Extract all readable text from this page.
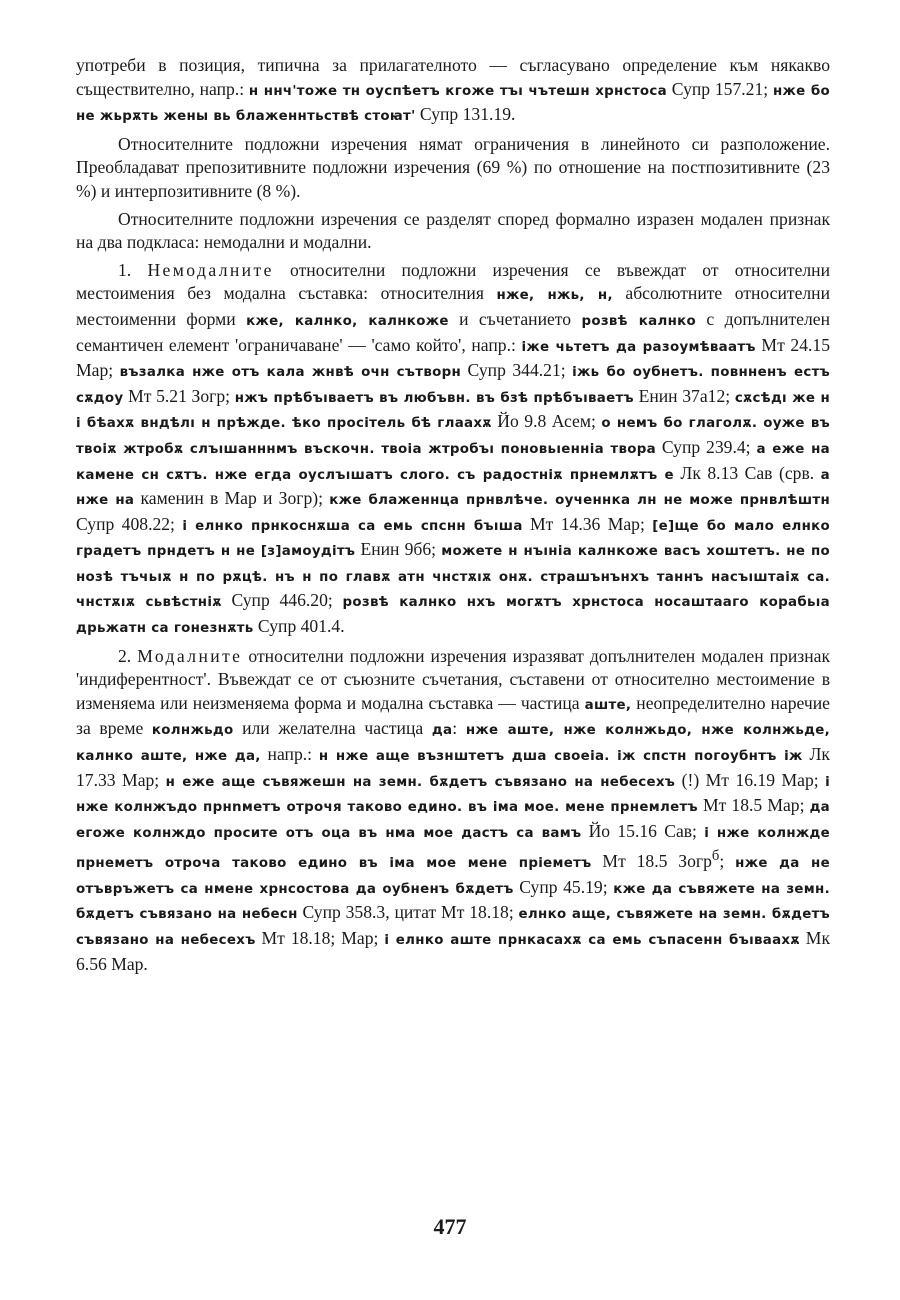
употреби в позиция, типична за прилагателното — съгласувано определение към някакво съществително, напр.: н ннч'тоже тн оуспѣетъ кгоже тъı чътешн хрнстоса Супр 157.21; нже бо не жьрѫть жены вь блаженнтьствѣ стоꙗт' Супр 131.19.

Относителните подложни изречения нямат ограничения в линейното си разположение. Преобладават препозитивните подложни изречения (69 %) по отношение на постпозитивните (23 %) и интерпозитивните (8 %).

Относителните подложни изречения се разделят според формално изразен модален признак на два подкласа: немодални и модални.

1. Немодалните относителни подложни изречения се въвеждат от относителни местоимения без модална съставка: относителния нже, нжь, н, абсолютните относителни местоименни форми кже, калнко, калнкоже и съчетанието розвѣ калнко с допълнителен семантичен елемент 'ограничаване' — 'само който', напр.: іже чьтетъ да разоумѣваатъ Мт 24.15 Мар; възалка нже отъ кала жнвѣ очн сътворн Супр 344.21; іжь бо оубнетъ. повнненъ естъ сѫдоу Мт 5.21 Зогр; нжъ прѣбъıваетъ въ любъвн. въ бзѣ прѣбъıваетъ Енин 37а12; сѫсѣдı же н і бѣахѫ вндѣлı н прѣжде. ѣко просітель бѣ глаахѫ Йо 9.8 Асем; о немъ бо глаголѫ. оуже въ твоіѫ жтробѫ слъıшанннмъ въскочн. твоіа жтробъı поновьıенніа твора Супр 239.4; а еже на камене сн сѫтъ. нже егда оуслъıшатъ слого. съ радостніѫ прнемлѫтъ е Лк 8.13 Сав (срв. а нже на каменин в Мар и Зогр); кже блаженнца прнвлѣче. оученнка лн не може прнвлѣштн Супр 408.22; і елнко прнкоснѫша са емь спснн бъıша Мт 14.36 Мар; [е]ще бо мало елнко градетъ прндетъ н не [з]амоудітъ Енин 9б6; можете н нъıніа калнкоже васъ хоштетъ. не по нозѣ тъчьıѫ н по рѫцѣ. нъ н по главѫ атн чнстѫıѫ онѫ. страшънънхъ таннъ насъıштаіѫ са. чнстѫıѫ сьвѣстніѫ Супр 446.20; розвѣ калнко нхъ могѫтъ хрнстоса носаштааго корабьıа дрьжатн са гонезнѫть Супр 401.4.

2. Модалните относителни подложни изречения изразяват допълнителен модален признак 'индиферентност'. Въвеждат се от съюзните съчетания, съставени от относително местоимение в изменяема или неизменяема форма и модална съставка — частица аште, неопределително наречие за време колнжьдо или желателна частица да: нже аште, нже колнжьдо, нже колнжьде, калнко аште, нже да, напр.: н нже аще възнштетъ дша своеіа. іж спстн погоубнтъ іж Лк 17.33 Мар; н еже аще съвяжешн на земн. бѫдетъ съвязано на небесехъ (!) Мт 16.19 Мар; і нже колнжъдо прнnметъ отрочя таково едино. въ іма мое. мене прнемлетъ Мт 18.5 Мар; да егоже колнждо просите отъ оца въ нма мое дастъ са вамъ Йо 15.16 Сав; і нже колнжде прнеметъ отроча таково едино въ іма мое мене пріеметъ Мт 18.5 Зогр$^б$; нже да не отъвръжетъ са нмене хрнсостова да оубненъ бѫдетъ Супр 45.19; кже да съвяжете на земн. бѫдетъ съвязано на небесн Супр 358.3, цитат Мт 18.18; елнко аще, съвяжете на земн. бѫдетъ съвязано на небесехъ Мт 18.18; Мар; і елнко аште прнкасахѫ са емь съпасенн бъıваахѫ Мк 6.56 Мар.

477
